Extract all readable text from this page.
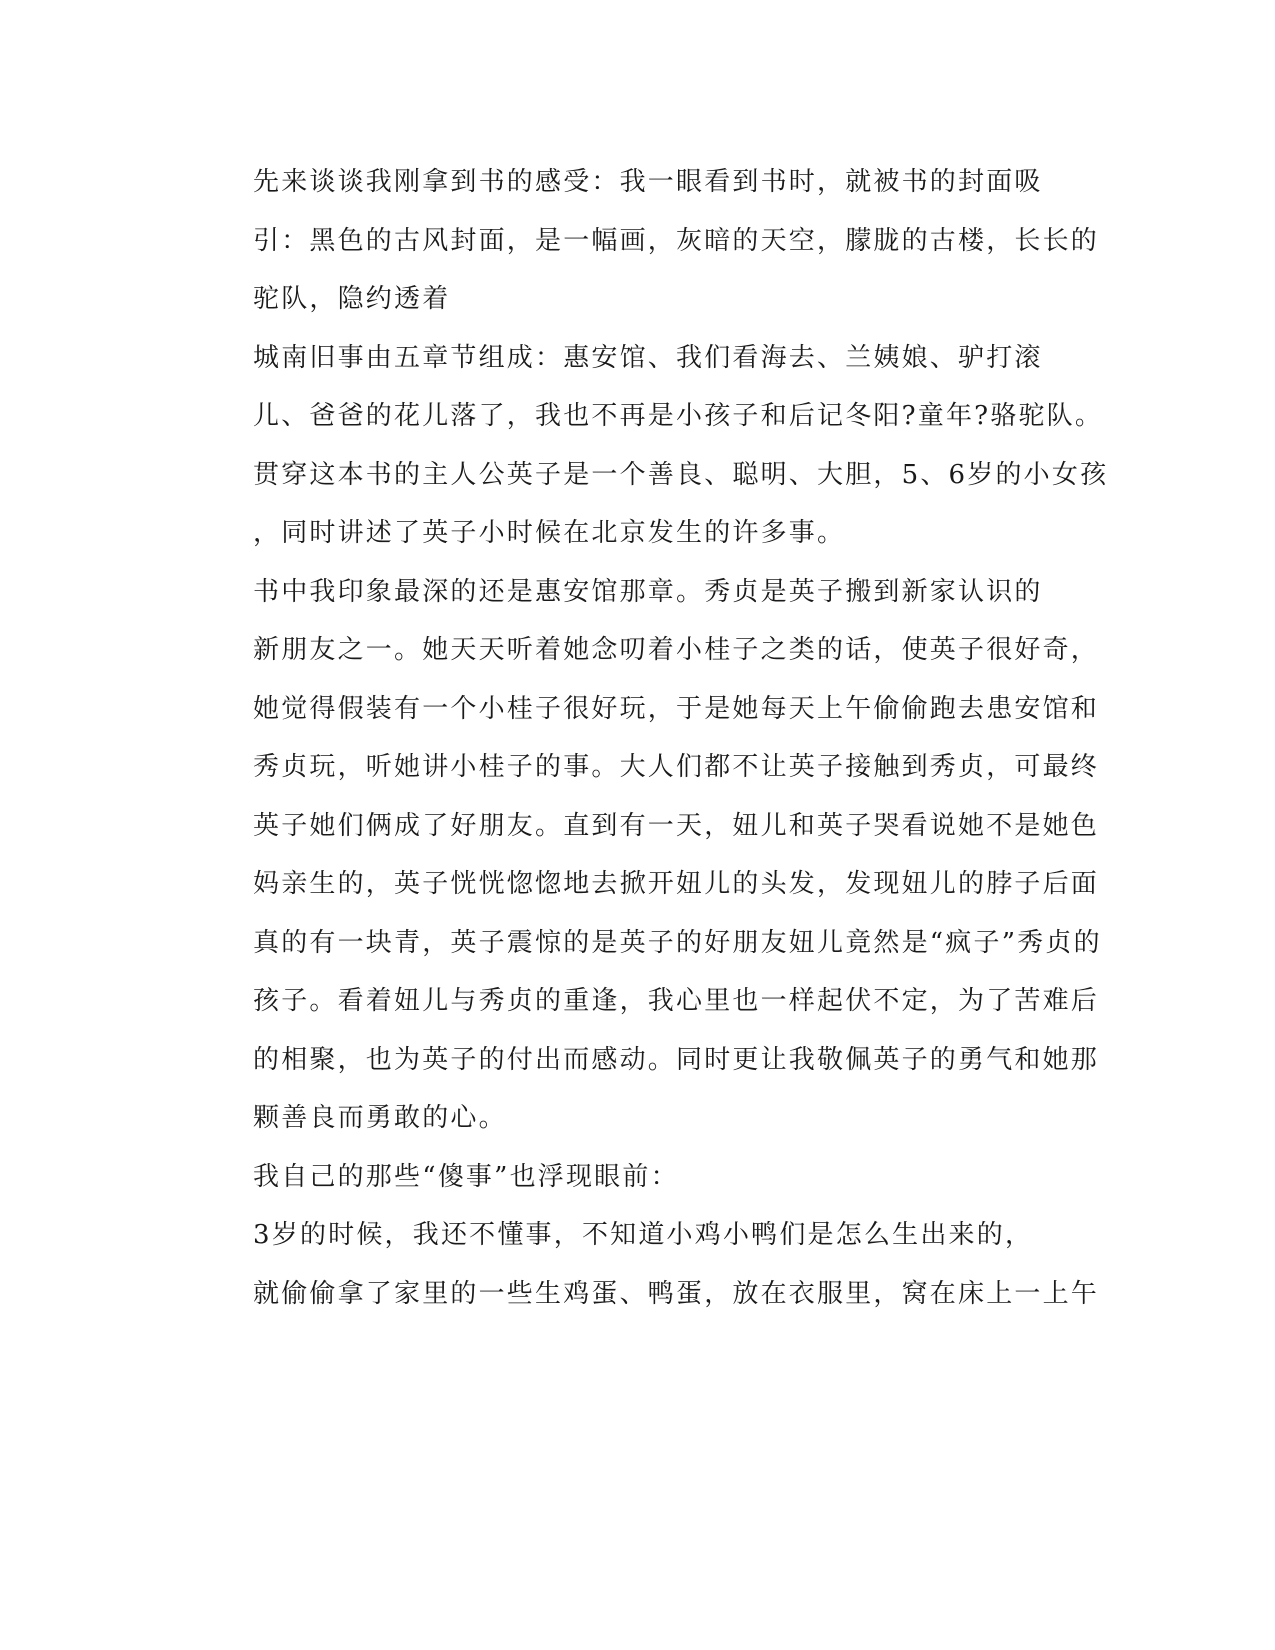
先来谈谈我刚拿到书的感受：我一眼看到书时，就被书的封面吸
引：黑色的古风封面，是一幅画，灰暗的天空，朦胧的古楼，长长的
驼队，隐约透着

城南旧事由五章节组成：惠安馆、我们看海去、兰姨娘、驴打滚
儿、爸爸的花儿落了，我也不再是小孩子和后记冬阳?童年?骆驼队。
贯穿这本书的主人公英子是一个善良、聪明、大胆，5、6岁的小女孩
，同时讲述了英子小时候在北京发生的许多事。

书中我印象最深的还是惠安馆那章。秀贞是英子搬到新家认识的
新朋友之一。她天天听着她念叨着小桂子之类的话，使英子很好奇，
她觉得假装有一个小桂子很好玩，于是她每天上午偷偷跑去患安馆和
秀贞玩，听她讲小桂子的事。大人们都不让英子接触到秀贞，可最终
英子她们俩成了好朋友。直到有一天，妞儿和英子哭看说她不是她色
妈亲生的，英子恍恍惚惚地去掀开妞儿的头发，发现妞儿的脖子后面
真的有一块青，英子震惊的是英子的好朋友妞儿竟然是“疯子”秀贞的
孩子。看着妞儿与秀贞的重逢，我心里也一样起伏不定，为了苦难后
的相聚，也为英子的付出而感动。同时更让我敬佩英子的勇气和她那
颗善良而勇敢的心。

我自己的那些“傻事”也浮现眼前：

3岁的时候，我还不懂事，不知道小鸡小鸭们是怎么生出来的，
就偷偷拿了家里的一些生鸡蛋、鸭蛋，放在衣服里，窝在床上一上午
